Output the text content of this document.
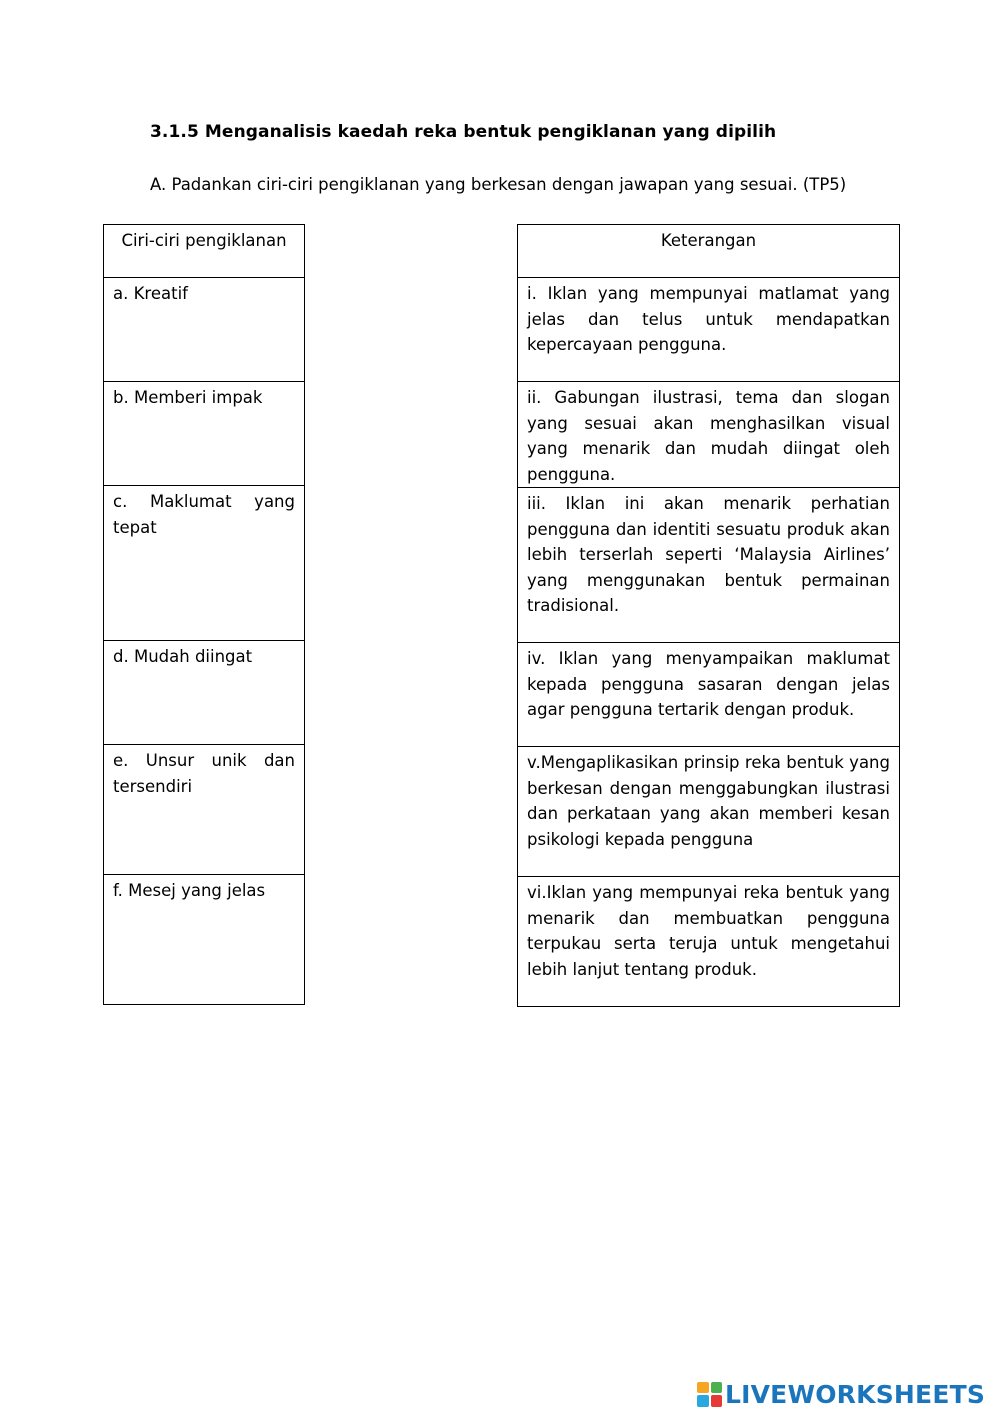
3.1.5 Menganalisis kaedah reka bentuk pengiklanan yang dipilih
A. Padankan ciri-ciri pengiklanan yang berkesan dengan jawapan yang sesuai. (TP5)
Ciri-ciri pengiklanan
a. Kreatif
b. Memberi impak
c. Maklumat yang tepat
d. Mudah diingat
e. Unsur unik dan tersendiri
f. Mesej yang jelas
Keterangan
i. Iklan yang mempunyai matlamat yang jelas dan telus untuk mendapatkan kepercayaan pengguna.
ii. Gabungan ilustrasi, tema dan slogan yang sesuai akan menghasilkan visual yang menarik dan mudah diingat oleh pengguna.
iii. Iklan ini akan menarik perhatian pengguna dan identiti sesuatu produk akan lebih terserlah seperti ‘Malaysia Airlines’ yang menggunakan bentuk permainan tradisional.
iv. Iklan yang menyampaikan maklumat kepada pengguna sasaran dengan jelas agar pengguna tertarik dengan produk.
v.Mengaplikasikan prinsip reka bentuk yang berkesan dengan menggabungkan ilustrasi dan perkataan yang akan memberi kesan psikologi kepada pengguna
vi.Iklan yang mempunyai reka bentuk yang menarik dan membuatkan pengguna terpukau serta teruja untuk mengetahui lebih lanjut tentang produk.
LIVEWORKSHEETS
